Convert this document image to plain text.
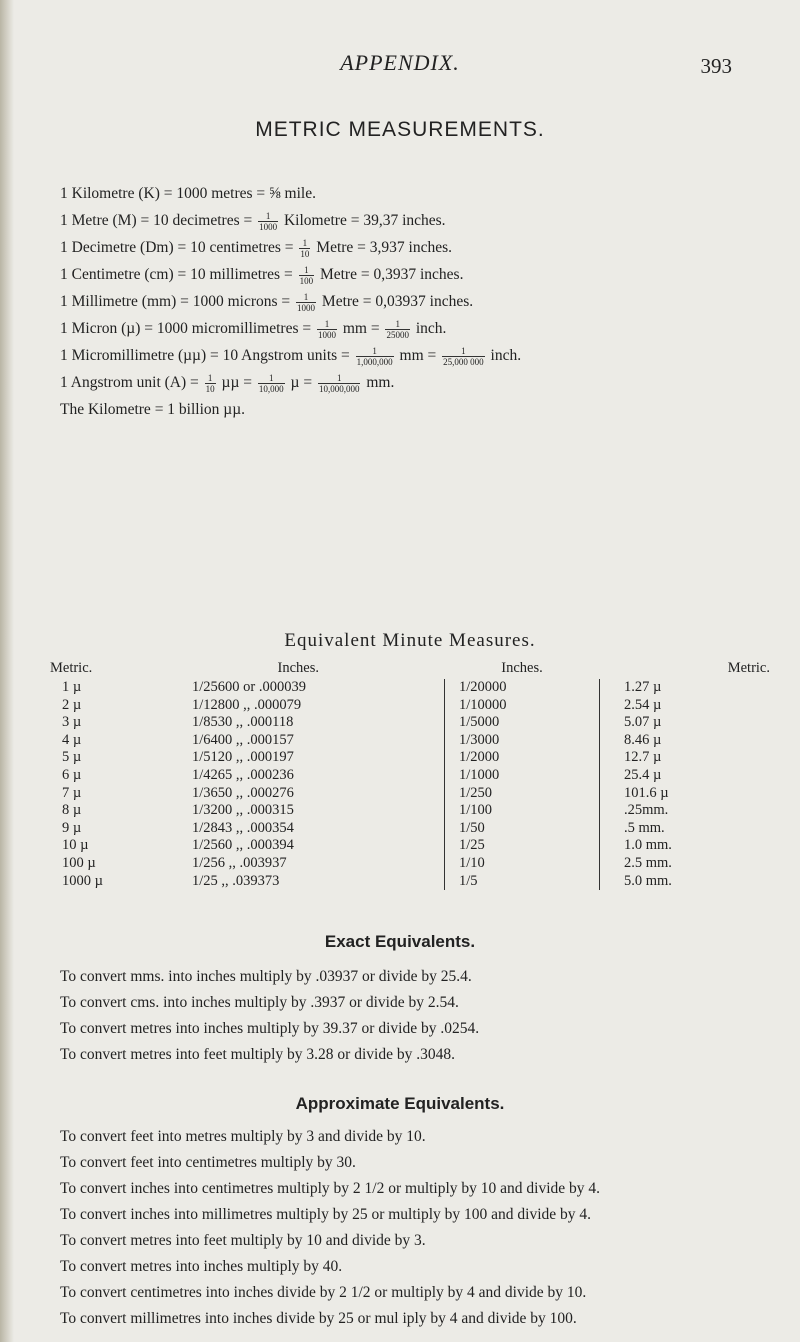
APPENDIX.	393
METRIC MEASUREMENTS.
1 Kilometre (K) = 1000 metres = ⅝ mile.
1 Metre (M) = 10 decimetres = $\frac{1}{1000}$ Kilometre = 39,37 inches.
1 Decimetre (Dm) = 10 centimetres = $\frac{1}{10}$ Metre = 3,937 inches.
1 Centimetre (cm) = 10 millimetres = $\frac{1}{100}$ Metre = 0,3937 inches.
1 Millimetre (mm) = 1000 microns = $\frac{1}{1000}$ Metre = 0,03937 inches.
1 Micron (µ) = 1000 micromillimetres = $\frac{1}{1000}$ mm = $\frac{1}{25000}$ inch.
1 Micromillimetre (µµ) = 10 Angstrom units = $\frac{1}{1,000,000}$ mm = $\frac{1}{25,000 000}$ inch.
1 Angstrom unit $(A) = \frac{1}{10}$ $\mu\mu = \frac{1}{10,000}$ $\mu = \frac{1}{10,000,000}$ mm.
The Kilometre = 1 billion µµ.
Equivalent Minute Measures.
Metric.	Inches.	Inches.	Metric.
1 µ	1/25600 or .000039	1/20000	1.27 µ
2 µ	1/12800 ,, .000079	1/10000	2.54 µ
3 µ	1/8530 ,, .000118	1/5000	5.07 µ
4 µ	1/6400 ,, .000157	1/3000	8.46 µ
5 µ	1/5120 ,, .000197	1/2000	12.7 µ
6 µ	1/4265 ,, .000236	1/1000	25.4 µ
7 µ	1/3650 ,, .000276	1/250	101.6 µ
8 µ	1/3200 ,, .000315	1/100	.25mm.
9 µ	1/2843 ,, .000354	1/50	.5 mm.
10 µ	1/2560 ,, .000394	1/25	1.0 mm.
100 µ	1/256 ,, .003937	1/10	2.5 mm.
1000 µ	1/25 ,, .039373	1/5	5.0 mm.
Exact Equivalents.
To convert mms. into inches multiply by .03937 or divide by 25.4.
To convert cms. into inches multiply by .3937 or divide by 2.54.
To convert metres into inches multiply by 39.37 or divide by .0254.
To convert metres into feet multiply by 3.28 or divide by .3048.
Approximate Equivalents.
To convert feet into metres multiply by 3 and divide by 10.
To convert feet into centimetres multiply by 30.
To convert inches into centimetres multiply by 2 1/2 or multiply by 10 and divide by 4.
To convert inches into millimetres multiply by 25 or multiply by 100 and divide by 4.
To convert metres into feet multiply by 10 and divide by 3.
To convert metres into inches multiply by 40.
To convert centimetres into inches divide by 2 1/2 or multiply by 4 and divide by 10.
To convert millimetres into inches divide by 25 or mul iply by 4 and divide by 100.
